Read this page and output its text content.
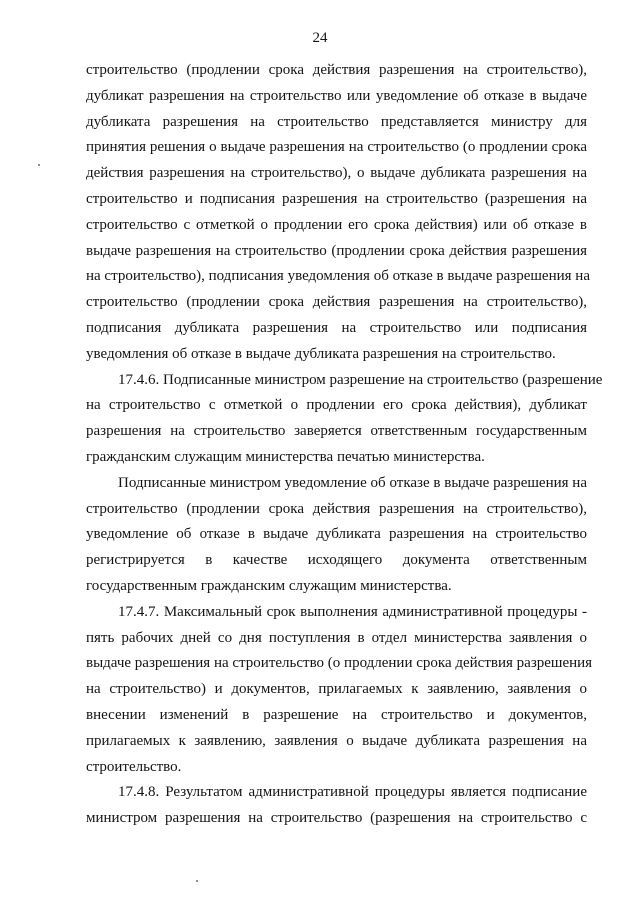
24
строительство (продлении срока действия разрешения на строительство),
дубликат разрешения на строительство или уведомление об отказе в выдаче
дубликата разрешения на строительство представляется министру для
принятия решения о выдаче разрешения на строительство (о продлении срока
действия разрешения на строительство), о выдаче дубликата разрешения на
строительство и подписания разрешения на строительство (разрешения на
строительство с отметкой о продлении его срока действия) или об отказе в
выдаче разрешения на строительство (продлении срока действия разрешения
на строительство), подписания уведомления об отказе в выдаче разрешения на
строительство (продлении срока действия разрешения на строительство),
подписания дубликата разрешения на строительство или подписания
уведомления об отказе в выдаче дубликата разрешения на строительство.
17.4.6. Подписанные министром разрешение на строительство (разрешение
на строительство с отметкой о продлении его срока действия), дубликат
разрешения на строительство заверяется ответственным государственным
гражданским служащим министерства печатью министерства.
Подписанные министром уведомление об отказе в выдаче разрешения на
строительство (продлении срока действия разрешения на строительство),
уведомление об отказе в выдаче дубликата разрешения на строительство
регистрируется в качестве исходящего документа ответственным
государственным гражданским служащим министерства.
17.4.7. Максимальный срок выполнения административной процедуры -
пять рабочих дней со дня поступления в отдел министерства заявления о
выдаче разрешения на строительство (о продлении срока действия разрешения
на строительство) и документов, прилагаемых к заявлению, заявления о
внесении изменений в разрешение на строительство и документов,
прилагаемых к заявлению, заявления о выдаче дубликата разрешения на
строительство.
17.4.8. Результатом административной процедуры является подписание
министром разрешения на строительство (разрешения на строительство с
